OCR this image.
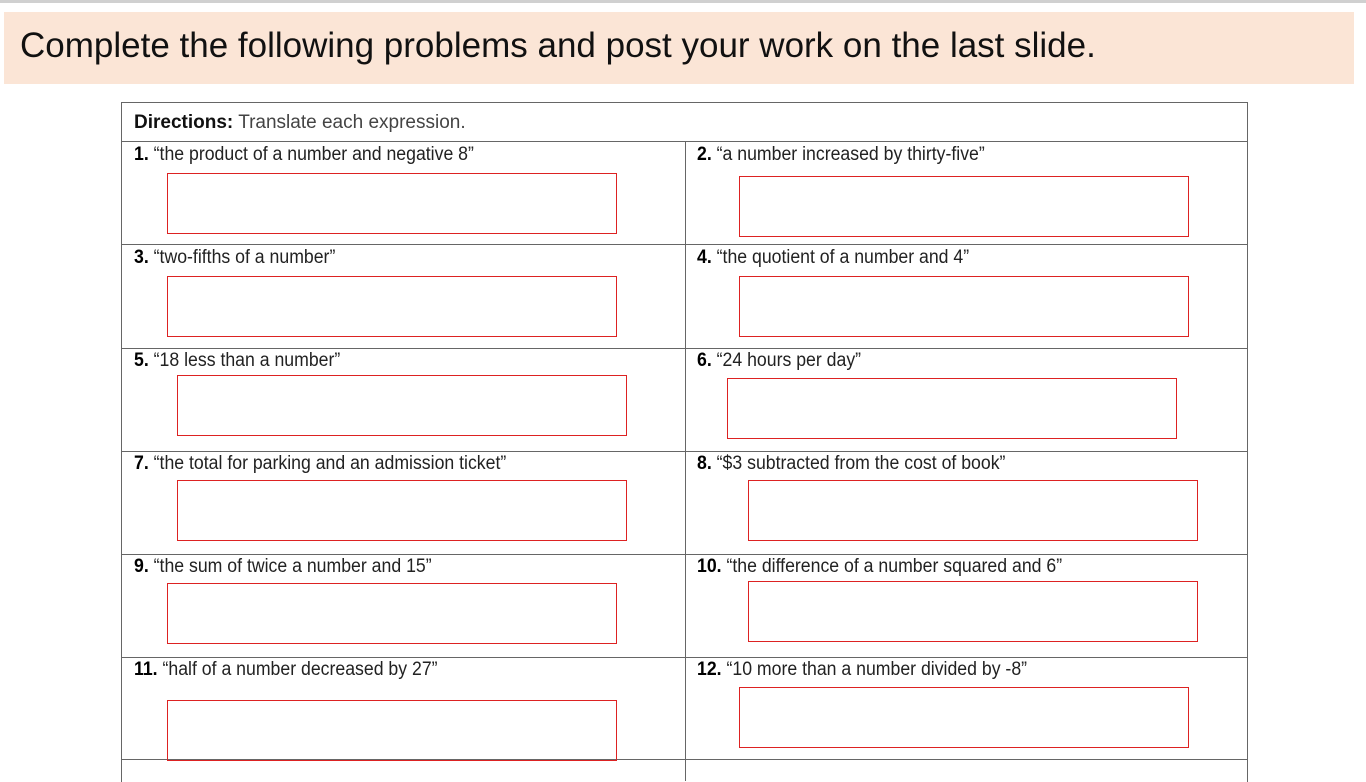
Complete the following problems and post your work on the last slide.
Directions: Translate each expression.
1. “the product of a number and negative 8”	2. “a number increased by thirty-five”
3. “two-fifths of a number”	4. “the quotient of a number and 4”
5. “18 less than a number”	6. “24 hours per day”
7. “the total for parking and an admission ticket”	8. “$3 subtracted from the cost of book”
9. “the sum of twice a number and 15”	10. “the difference of a number squared and 6”
11. “half of a number decreased by 27”	12. “10 more than a number divided by -8”
